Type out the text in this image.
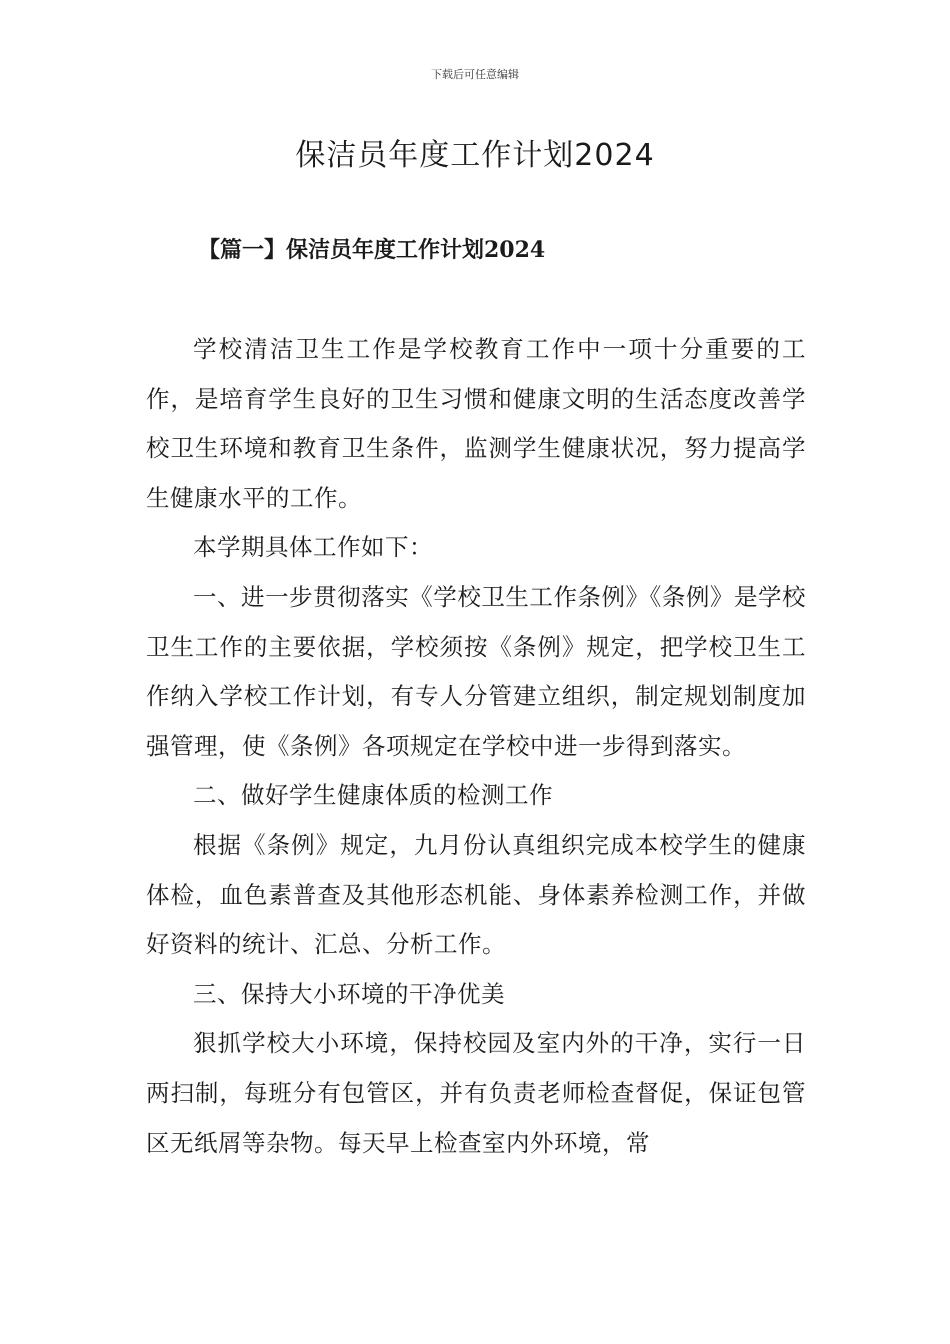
下载后可任意编辑
保洁员年度工作计划2024
【篇一】保洁员年度工作计划2024

学校清洁卫生工作是学校教育工作中一项十分重要的工作，是培育学生良好的卫生习惯和健康文明的生活态度改善学校卫生环境和教育卫生条件，监测学生健康状况，努力提高学生健康水平的工作。

本学期具体工作如下：

一、进一步贯彻落实《学校卫生工作条例》《条例》是学校卫生工作的主要依据，学校须按《条例》规定，把学校卫生工作纳入学校工作计划，有专人分管建立组织，制定规划制度加强管理，使《条例》各项规定在学校中进一步得到落实。

二、做好学生健康体质的检测工作

根据《条例》规定，九月份认真组织完成本校学生的健康体检，血色素普查及其他形态机能、身体素养检测工作，并做好资料的统计、汇总、分析工作。

三、保持大小环境的干净优美

狠抓学校大小环境，保持校园及室内外的干净，实行一日两扫制，每班分有包管区，并有负责老师检查督促，保证包管区无纸屑等杂物。每天早上检查室内外环境，常
